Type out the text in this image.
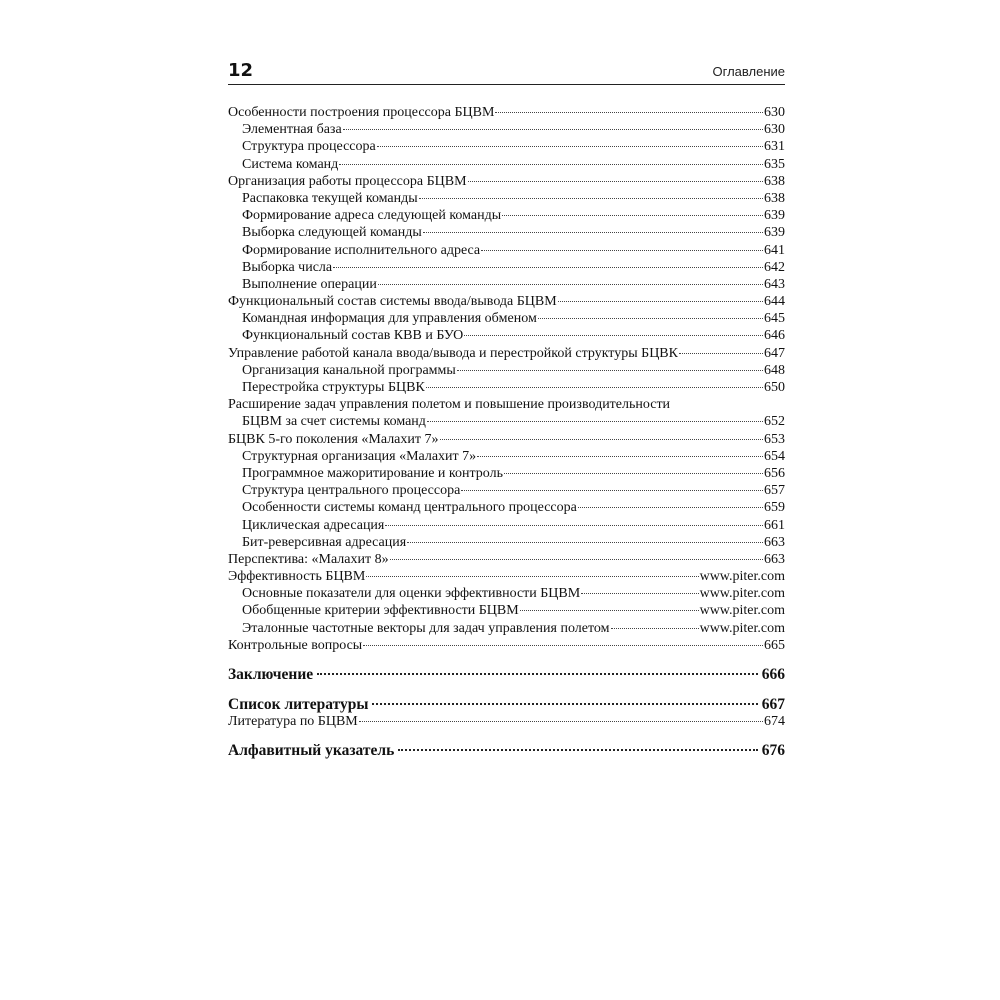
12	Оглавление
Особенности построения процессора БЦВМ	630
Элементная база	630
Структура процессора	631
Система команд	635
Организация работы процессора БЦВМ	638
Распаковка текущей команды	638
Формирование адреса следующей команды	639
Выборка следующей команды	639
Формирование исполнительного адреса	641
Выборка числа	642
Выполнение операции	643
Функциональный состав системы ввода/вывода БЦВМ	644
Командная информация для управления обменом	645
Функциональный состав КВВ и БУО	646
Управление работой канала ввода/вывода и перестройкой структуры БЦВК	647
Организация канальной программы	648
Перестройка структуры БЦВК	650
Расширение задач управления полетом и повышение производительности
БЦВМ за счет системы команд	652
БЦВК 5-го поколения «Малахит 7»	653
Структурная организация «Малахит 7»	654
Программное мажоритирование и контроль	656
Структура центрального процессора	657
Особенности системы команд центрального процессора	659
Циклическая адресация	661
Бит-реверсивная адресация	663
Перспектива: «Малахит 8»	663
Эффективность БЦВМ	www.piter.com
Основные показатели для оценки эффективности БЦВМ	www.piter.com
Обобщенные критерии эффективности БЦВМ	www.piter.com
Эталонные частотные векторы для задач управления полетом	www.piter.com
Контрольные вопросы	665
Заключение	666
Список литературы	667
Литература по БЦВМ	674
Алфавитный указатель	676
